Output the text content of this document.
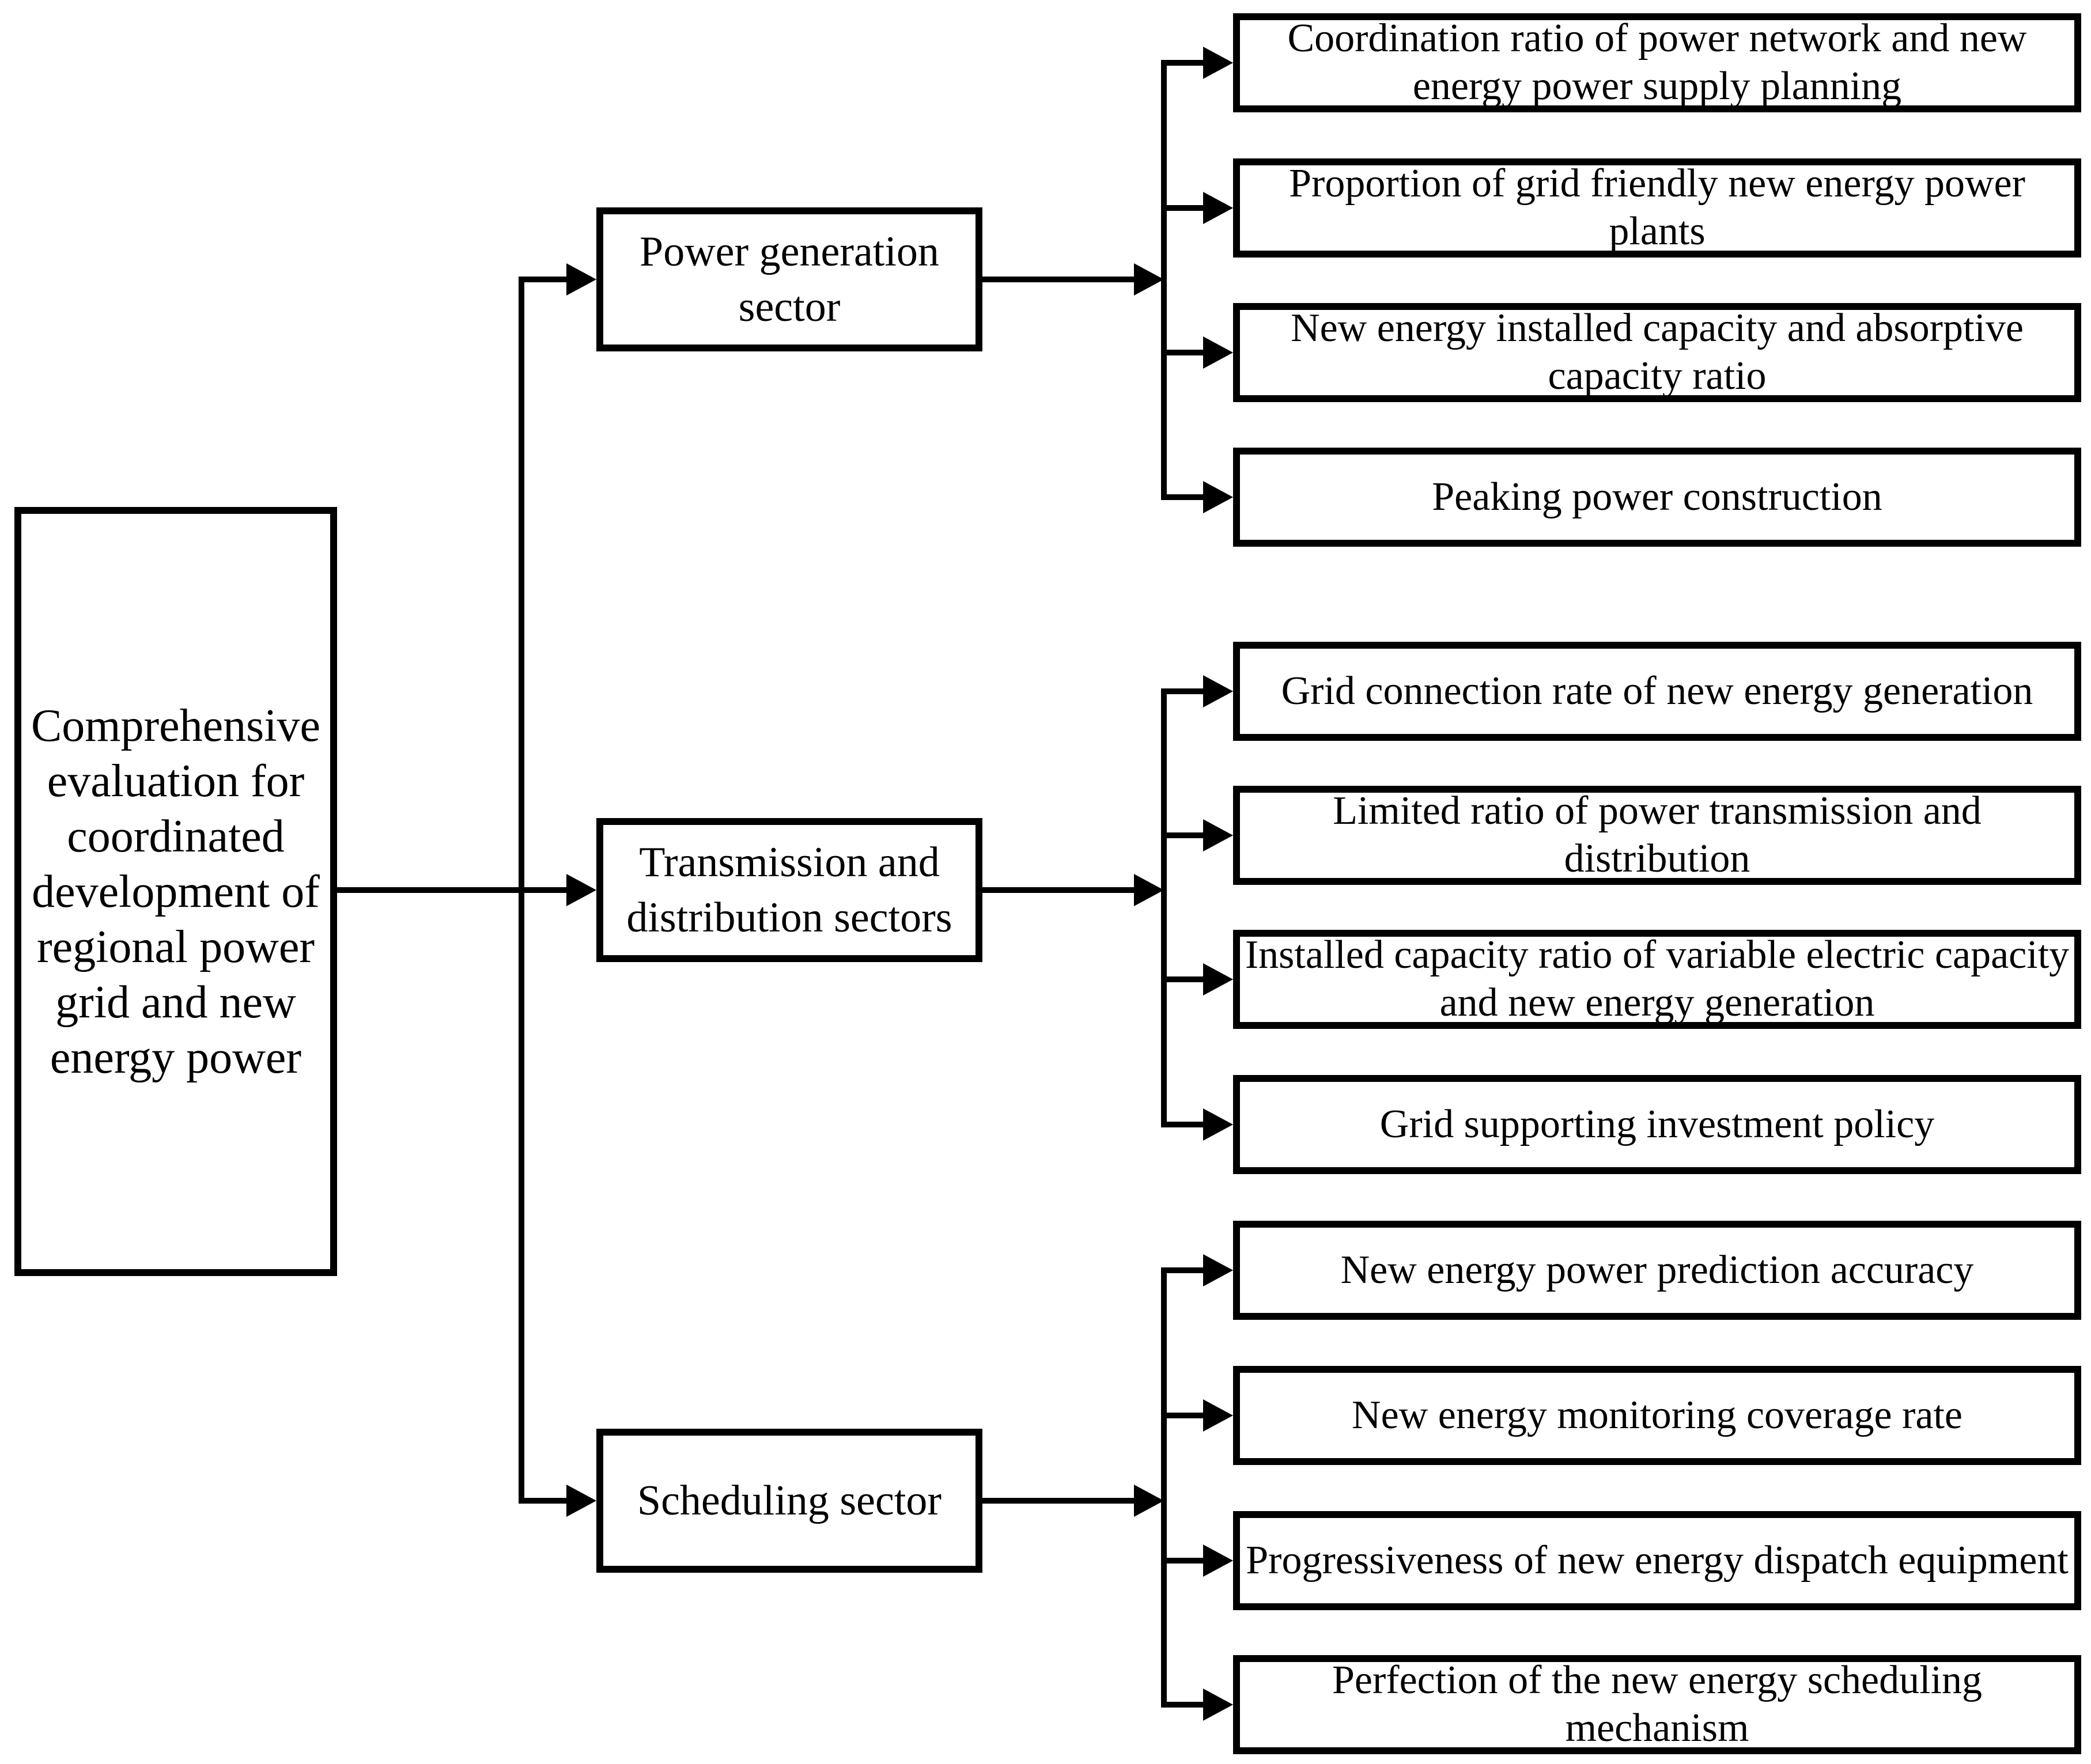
Comprehensive evaluation for coordinated development of regional power grid and new energy power
Power generation sector
Transmission and distribution sectors
Scheduling sector
Coordination ratio of power network and new energy power supply planning
Proportion of grid friendly new energy power plants
New energy installed capacity and absorptive capacity ratio
Peaking power construction
Grid connection rate of new energy generation
Limited ratio of power transmission and distribution
Installed capacity ratio of variable electric capacity and new energy generation
Grid supporting investment policy
New energy power prediction accuracy
New energy monitoring coverage rate
Progressiveness of new energy dispatch equipment
Perfection of the new energy scheduling mechanism
